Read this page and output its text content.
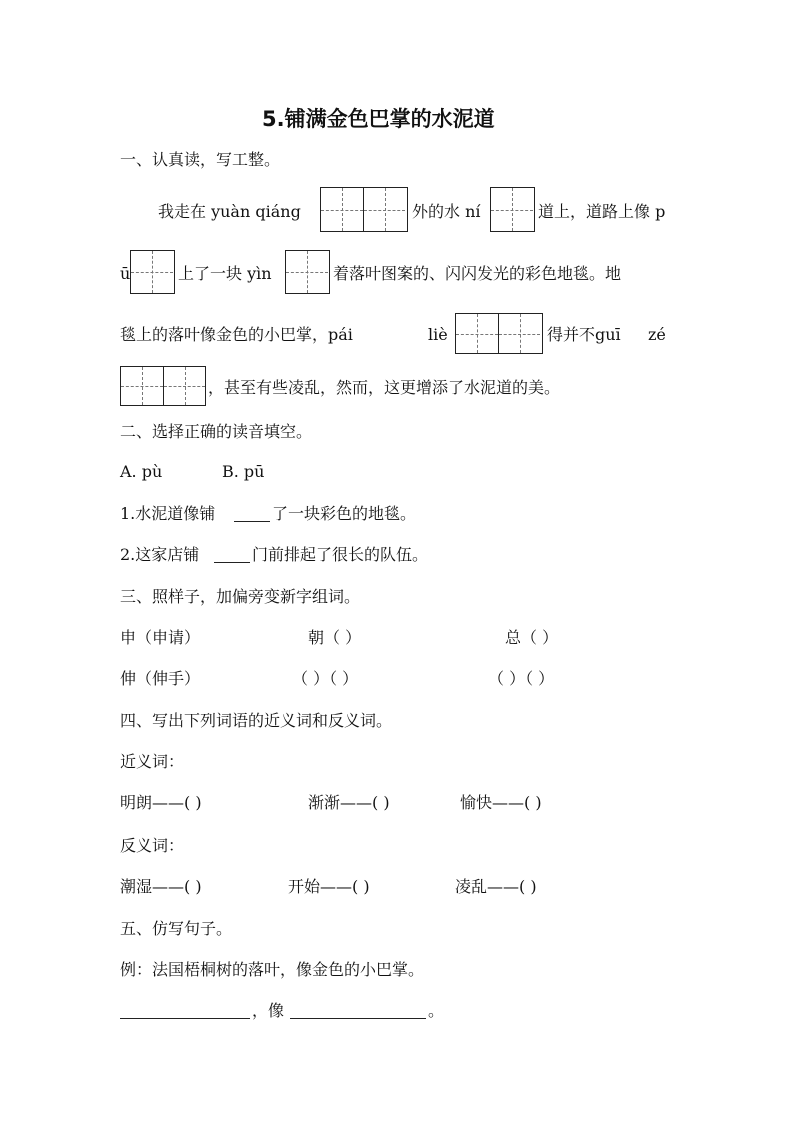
5.铺满金色巴掌的水泥道
一、认真读，写工整。
我走在 yuàn qiáng	外的水 ní	道上，道路上像 p
ū	上了一块 yìn	着落叶图案的、闪闪发光的彩色地毯。地
毯上的落叶像金色的小巴掌，pái	liè	得并不guī zé
，甚至有些凌乱，然而，这更增添了水泥道的美。
二、选择正确的读音填空。
A. pù	B. pū
1.水泥道像铺	了一块彩色的地毯。
2.这家店铺	门前排起了很长的队伍。
三、照样子，加偏旁变新字组词。
申（申请）	朝（ ）	总（ ）
伸（伸手）	（ ）（ ）	（ ）（ ）
四、写出下列词语的近义词和反义词。
近义词：
明朗——( )	渐渐——( )	愉快——( )
反义词：
潮湿——( )	开始——( )	凌乱——( )
五、仿写句子。
例：法国梧桐树的落叶，像金色的小巴掌。
，像	。
